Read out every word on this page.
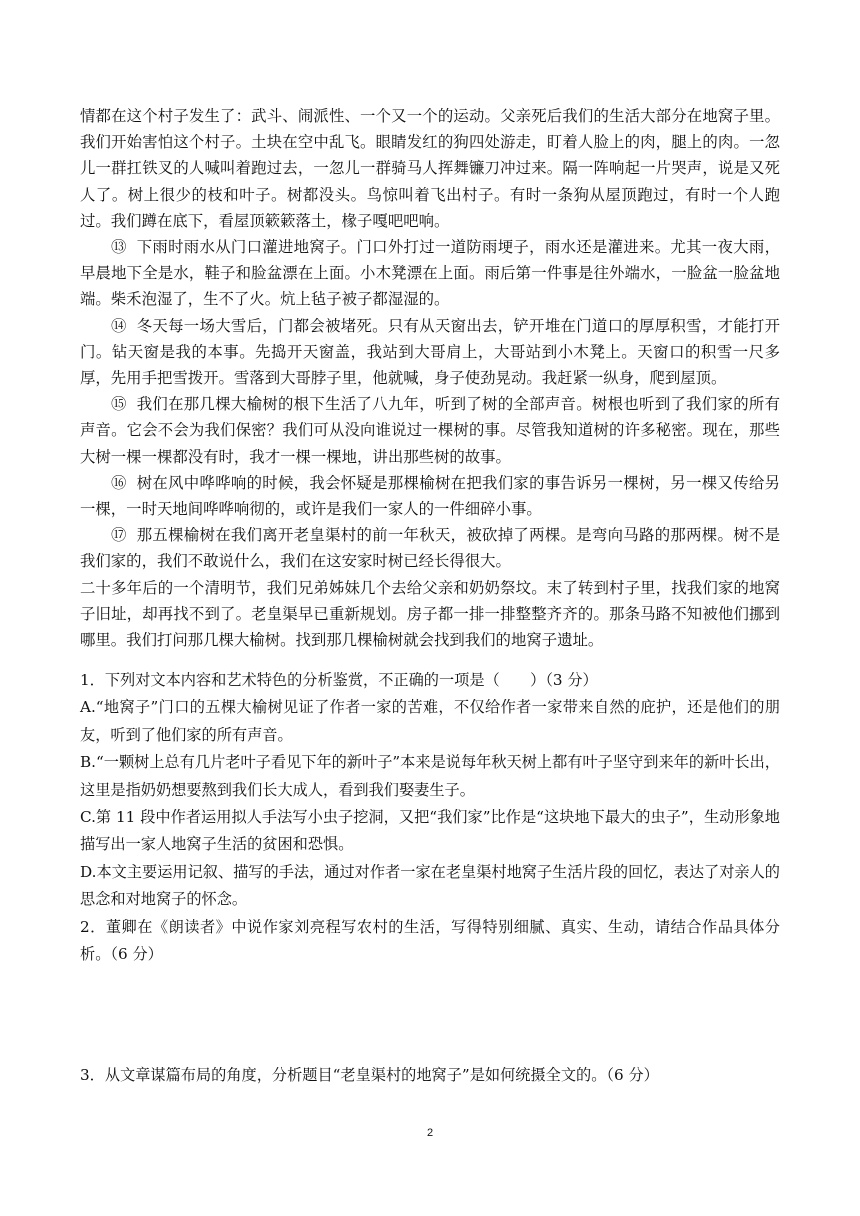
情都在这个村子发生了：武斗、闹派性、一个又一个的运动。父亲死后我们的生活大部分在地窝子里。我们开始害怕这个村子。土块在空中乱飞。眼睛发红的狗四处游走，盯着人脸上的肉，腿上的肉。一忽儿一群扛铁叉的人喊叫着跑过去，一忽儿一群骑马人挥舞镰刀冲过来。隔一阵响起一片哭声，说是又死人了。树上很少的枝和叶子。树都没头。鸟惊叫着飞出村子。有时一条狗从屋顶跑过，有时一个人跑过。我们蹲在底下，看屋顶簌簌落土，椽子嘎吧吧响。

⑬ 下雨时雨水从门口灌进地窝子。门口外打过一道防雨埂子，雨水还是灌进来。尤其一夜大雨，早晨地下全是水，鞋子和脸盆漂在上面。小木凳漂在上面。雨后第一件事是往外端水，一脸盆一脸盆地端。柴禾泡湿了，生不了火。炕上毡子被子都湿湿的。

⑭ 冬天每一场大雪后，门都会被堵死。只有从天窗出去，铲开堆在门道口的厚厚积雪，才能打开门。钻天窗是我的本事。先捣开天窗盖，我站到大哥肩上，大哥站到小木凳上。天窗口的积雪一尺多厚，先用手把雪拨开。雪落到大哥脖子里，他就喊，身子使劲晃动。我赶紧一纵身，爬到屋顶。

⑮ 我们在那几棵大榆树的根下生活了八九年，听到了树的全部声音。树根也听到了我们家的所有声音。它会不会为我们保密？我们可从没向谁说过一棵树的事。尽管我知道树的许多秘密。现在，那些大树一棵一棵都没有时，我才一棵一棵地，讲出那些树的故事。

⑯ 树在风中哗哗响的时候，我会怀疑是那棵榆树在把我们家的事告诉另一棵树，另一棵又传给另一棵，一时天地间哗哗响彻的，或许是我们一家人的一件细碎小事。

⑰ 那五棵榆树在我们离开老皇渠村的前一年秋天，被砍掉了两棵。是弯向马路的那两棵。树不是我们家的，我们不敢说什么，我们在这安家时树已经长得很大。

二十多年后的一个清明节，我们兄弟姊妹几个去给父亲和奶奶祭坟。末了转到村子里，找我们家的地窝子旧址，却再找不到了。老皇渠早已重新规划。房子都一排一排整整齐齐的。那条马路不知被他们挪到哪里。我们打问那几棵大榆树。找到那几棵榆树就会找到我们的地窝子遗址。

1．下列对文本内容和艺术特色的分析鉴赏，不正确的一项是（　　）（3 分）

A.“地窝子”门口的五棵大榆树见证了作者一家的苦难，不仅给作者一家带来自然的庇护，还是他们的朋友，听到了他们家的所有声音。

B.“一颗树上总有几片老叶子看见下年的新叶子”本来是说每年秋天树上都有叶子坚守到来年的新叶长出，这里是指奶奶想要熬到我们长大成人，看到我们娶妻生子。

C.第 11 段中作者运用拟人手法写小虫子挖洞，又把“我们家”比作是“这块地下最大的虫子”，生动形象地描写出一家人地窝子生活的贫困和恐惧。

D.本文主要运用记叙、描写的手法，通过对作者一家在老皇渠村地窝子生活片段的回忆，表达了对亲人的思念和对地窝子的怀念。

2．董卿在《朗读者》中说作家刘亮程写农村的生活，写得特别细腻、真实、生动，请结合作品具体分析。（6 分）

3．从文章谋篇布局的角度，分析题目“老皇渠村的地窝子”是如何统摄全文的。（6 分）
2
